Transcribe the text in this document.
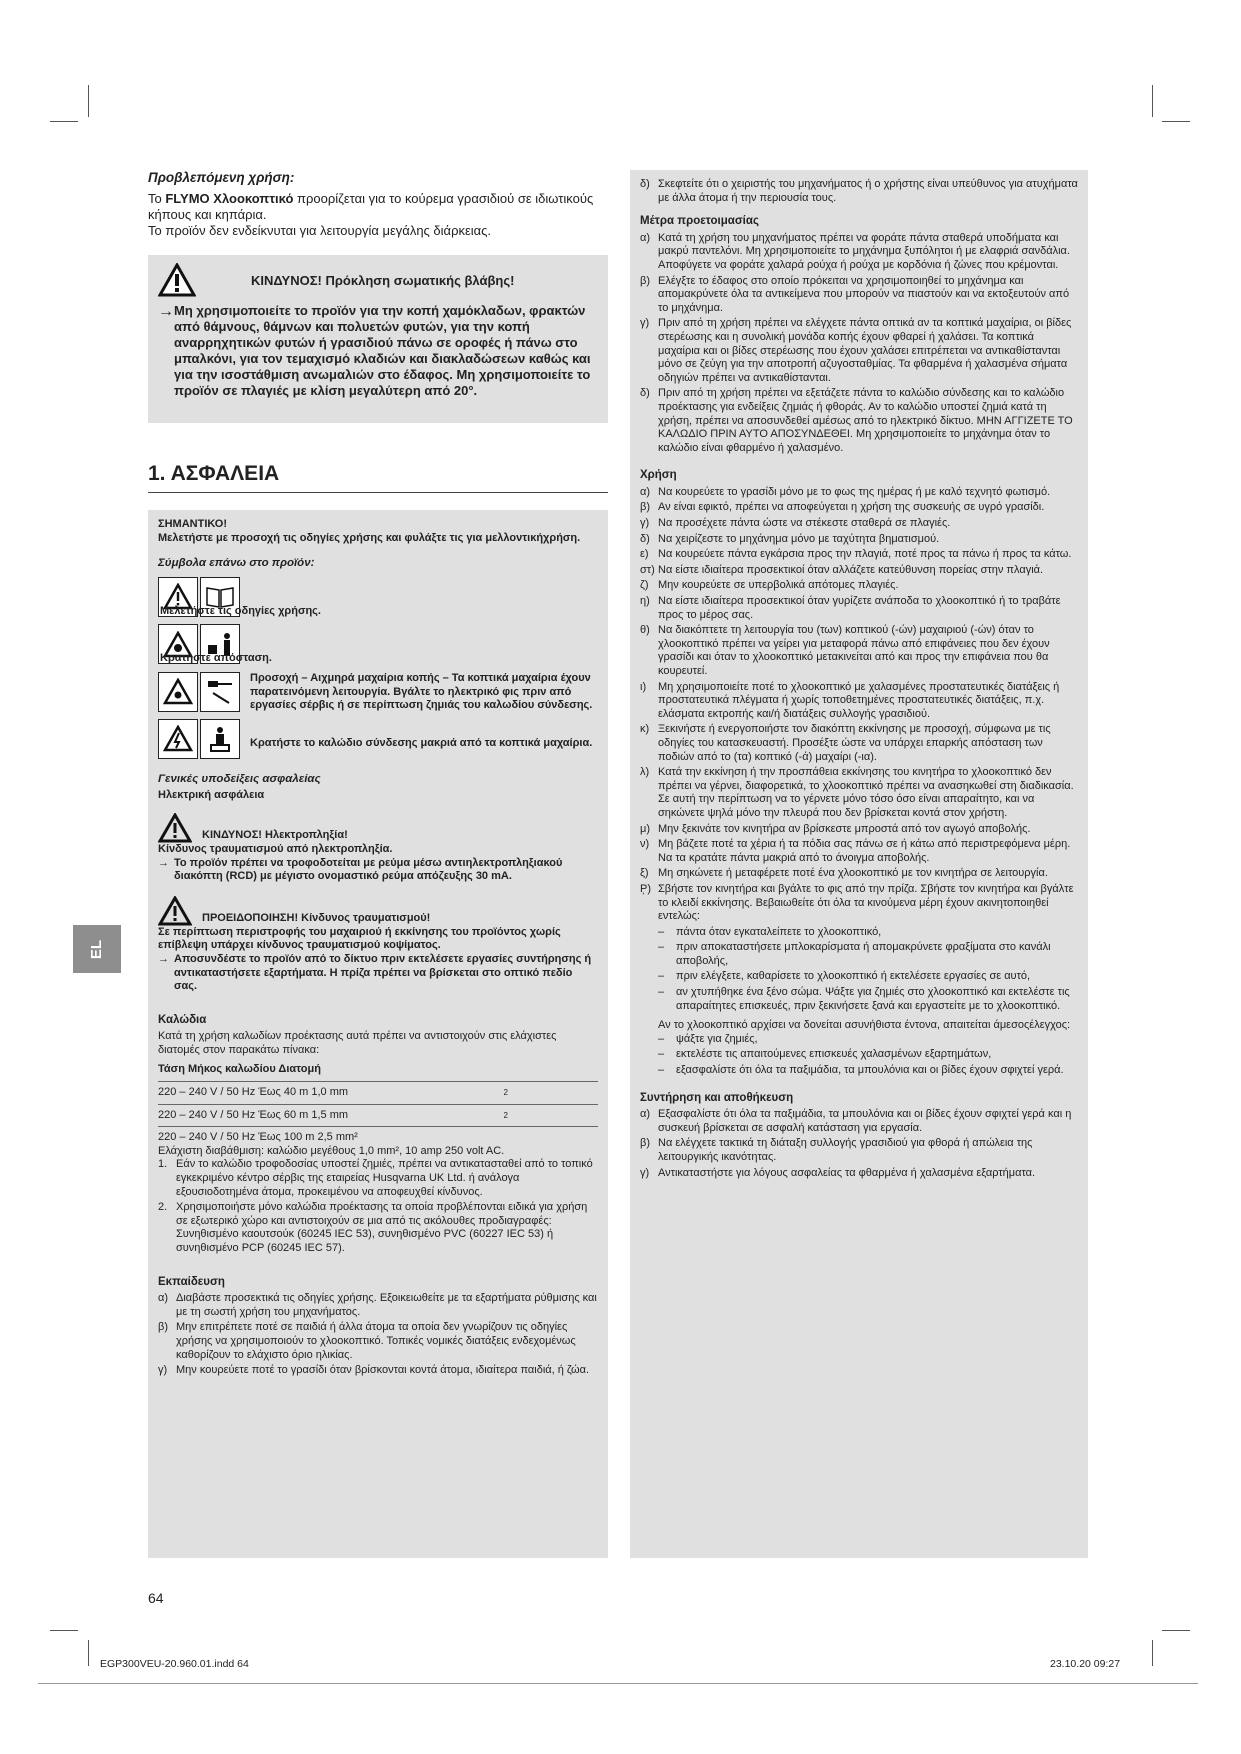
Προβλεπόμενη χρήση:

Το FLYMO Χλοοκοπτικό προορίζεται για το κούρεμα γρασιδιού σε ιδιωτικούς κήπους και κηπάρια.

Το προϊόν δεν ενδείκνυται για λειτουργία μεγάλης διάρκειας.

ΚΙΝΔΥΝΟΣ! Πρόκληση σωματικής βλάβης!
→ Μη χρησιμοποιείτε το προϊόν για την κοπή χαμόκλαδων, φρακτών από θάμνους, θάμνων και πολυετών φυτών, για την κοπή αναρρηχητικών φυτών ή γρασιδιού πάνω σε οροφές ή πάνω στο μπαλκόνι, για τον τεμαχισμό κλαδιών και διακλαδώσεων καθώς και για την ισοστάθμιση ανωμαλιών στο έδαφος. Μη χρησιμοποιείτε το προϊόν σε πλαγιές με κλίση μεγαλύτερη από 20°.
1. ΑΣΦΑΛΕΙΑ
ΣΗΜΑΝΤΙΚΟ!
Μελετήστε με προσοχή τις οδηγίες χρήσης και φυλάξτε τις για μελλοντικήχρήση.
Σύμβολα επάνω στο προϊόν:
Μελετήστε τις οδηγίες χρήσης.
Κρατήστε απόσταση.
Προσοχή – Αιχμηρά μαχαίρια κοπής – Τα κοπτικά μαχαίρια έχουν παρατεινόμενη λειτουργία. Βγάλτε το ηλεκτρικό φις πριν από εργασίες σέρβις ή σε περίπτωση ζημιάς του καλωδίου σύνδεσης.
Κρατήστε το καλώδιο σύνδεσης μακριά από τα κοπτικά μαχαίρια.
Γενικές υποδείξεις ασφαλείας
Ηλεκτρική ασφάλεια
ΚΙΝΔΥΝΟΣ! Ηλεκτροπληξία!
Κίνδυνος τραυματισμού από ηλεκτροπληξία.
→ Το προϊόν πρέπει να τροφοδοτείται με ρεύμα μέσω αντιηλεκτροπληξιακού διακόπτη (RCD) με μέγιστο ονομαστικό ρεύμα απόζευξης 30 mA.
ΠΡΟΕΙΔΟΠΟΙΗΣΗ! Κίνδυνος τραυματισμού!
Σε περίπτωση περιστροφής του μαχαιριού ή εκκίνησης του προϊόντος χωρίς επίβλεψη υπάρχει κίνδυνος τραυματισμού κοψίματος.
→ Αποσυνδέστε το προϊόν από το δίκτυο πριν εκτελέσετε εργασίες συντήρησης ή αντικαταστήσετε εξαρτήματα. Η πρίζα πρέπει να βρίσκεται στο οπτικό πεδίο σας.
Καλώδια
Κατά τη χρήση καλωδίων προέκτασης αυτά πρέπει να αντιστοιχούν στις ελάχιστες διατομές στον παρακάτω πίνακα:
Τάση Μήκος καλωδίου Διατομή
220 – 240 V / 50 Hz Έως 40 m 1,0 mm	2
220 – 240 V / 50 Hz Έως 60 m 1,5 mm	2
220 – 240 V / 50 Hz Έως 100 m 2,5 mm²
Ελάχιστη διαβάθμιση: καλώδιο μεγέθους 1,0 mm², 10 amp 250 volt AC.
1. Εάν το καλώδιο τροφοδοσίας υποστεί ζημιές, πρέπει να αντικατασταθεί από το τοπικό εγκεκριμένο κέντρο σέρβις της εταιρείας Husqvarna UK Ltd. ή ανάλογα εξουσιοδοτημένα άτομα, προκειμένου να αποφευχθεί κίνδυνος.
2. Χρησιμοποιήστε μόνο καλώδια προέκτασης τα οποία προβλέπονται ειδικά για χρήση σε εξωτερικό χώρο και αντιστοιχούν σε μια από τις ακόλουθες προδιαγραφές: Συνηθισμένο καουτσούκ (60245 IEC 53), συνηθισμένο PVC (60227 IEC 53) ή συνηθισμένο PCP (60245 IEC 57).
Εκπαίδευση
α) Διαβάστε προσεκτικά τις οδηγίες χρήσης. Εξοικειωθείτε με τα εξαρτήματα ρύθμισης και με τη σωστή χρήση του μηχανήματος.
β) Μην επιτρέπετε ποτέ σε παιδιά ή άλλα άτομα τα οποία δεν γνωρίζουν τις οδηγίες χρήσης να χρησιμοποιούν το χλοοκοπτικό. Τοπικές νομικές διατάξεις ενδεχομένως καθορίζουν το ελάχιστο όριο ηλικίας.
γ) Μην κουρεύετε ποτέ το γρασίδι όταν βρίσκονται κοντά άτομα, ιδιαίτερα παιδιά, ή ζώα.
δ) Σκεφτείτε ότι ο χειριστής του μηχανήματος ή ο χρήστης είναι υπεύθυνος για ατυχήματα με άλλα άτομα ή την περιουσία τους.
Μέτρα προετοιμασίας
α) Κατά τη χρήση του μηχανήματος πρέπει να φοράτε πάντα σταθερά υποδήματα και μακρύ παντελόνι. Μη χρησιμοποιείτε το μηχάνημα ξυπόλητοι ή με ελαφριά σανδάλια. Αποφύγετε να φοράτε χαλαρά ρούχα ή ρούχα με κορδόνια ή ζώνες που κρέμονται.
β) Ελέγξτε το έδαφος στο οποίο πρόκειται να χρησιμοποιηθεί το μηχάνημα και απομακρύνετε όλα τα αντικείμενα που μπορούν να πιαστούν και να εκτοξευτούν από το μηχάνημα.
γ) Πριν από τη χρήση πρέπει να ελέγχετε πάντα οπτικά αν τα κοπτικά μαχαίρια, οι βίδες στερέωσης και η συνολική μονάδα κοπής έχουν φθαρεί ή χαλάσει. Τα κοπτικά μαχαίρια και οι βίδες στερέωσης που έχουν χαλάσει επιτρέπεται να αντικαθίστανται μόνο σε ζεύγη για την αποτροπή αζυγοσταθμίας. Τα φθαρμένα ή χαλασμένα σήματα οδηγιών πρέπει να αντικαθίστανται.
δ) Πριν από τη χρήση πρέπει να εξετάζετε πάντα το καλώδιο σύνδεσης και το καλώδιο προέκτασης για ενδείξεις ζημιάς ή φθοράς. Αν το καλώδιο υποστεί ζημιά κατά τη χρήση, πρέπει να αποσυνδεθεί αμέσως από το ηλεκτρικό δίκτυο. ΜΗΝ ΑΓΓΙΖΕΤΕ ΤΟ ΚΑΛΩΔΙΟ ΠΡΙΝ ΑΥΤΟ ΑΠΟΣΥΝΔΕΘΕΙ. Μη χρησιμοποιείτε το μηχάνημα όταν το καλώδιο είναι φθαρμένο ή χαλασμένο.
Χρήση
α) Να κουρεύετε το γρασίδι μόνο με το φως της ημέρας ή με καλό τεχνητό φωτισμό.
β) Αν είναι εφικτό, πρέπει να αποφεύγεται η χρήση της συσκευής σε υγρό γρασίδι.
γ) Να προσέχετε πάντα ώστε να στέκεστε σταθερά σε πλαγιές.
δ) Να χειρίζεστε το μηχάνημα μόνο με ταχύτητα βηματισμού.
ε) Να κουρεύετε πάντα εγκάρσια προς την πλαγιά, ποτέ προς τα πάνω ή προς τα κάτω.
στ) Να είστε ιδιαίτερα προσεκτικοί όταν αλλάζετε κατεύθυνση πορείας στην πλαγιά.
ζ) Μην κουρεύετε σε υπερβολικά απότομες πλαγιές.
η) Να είστε ιδιαίτερα προσεκτικοί όταν γυρίζετε ανάποδα το χλοοκοπτικό ή το τραβάτε προς το μέρος σας.
θ) Να διακόπτετε τη λειτουργία του (των) κοπτικού (-ών) μαχαιριού (-ών) όταν το χλοοκοπτικό πρέπει να γείρει για μεταφορά πάνω από επιφάνειες που δεν έχουν γρασίδι και όταν το χλοοκοπτικό μετακινείται από και προς την επιφάνεια που θα κουρευτεί.
ι)	Μη χρησιμοποιείτε ποτέ το χλοοκοπτικό με χαλασμένες προστατευτικές διατάξεις ή προστατευτικά πλέγματα ή χωρίς τοποθετημένες προστατευτικές διατάξεις, π.χ. ελάσματα εκτροπής και/ή διατάξεις συλλογής γρασιδιού.
κ) Ξεκινήστε ή ενεργοποιήστε τον διακόπτη εκκίνησης με προσοχή, σύμφωνα με τις οδηγίες του κατασκευαστή. Προσέξτε ώστε να υπάρχει επαρκής απόσταση των ποδιών από το (τα) κοπτικό (-ά) μαχαίρι (-ια).
λ) Κατά την εκκίνηση ή την προσπάθεια εκκίνησης του κινητήρα το χλοοκοπτικό δεν πρέπει να γέρνει, διαφορετικά, το χλοοκοπτικό πρέπει να ανασηκωθεί στη διαδικασία. Σε αυτή την περίπτωση να το γέρνετε μόνο τόσο όσο είναι απαραίτητο, και να σηκώνετε ψηλά μόνο την πλευρά που δεν βρίσκεται κοντά στον χρήστη.
μ) Μην ξεκινάτε τον κινητήρα αν βρίσκεστε μπροστά από τον αγωγό αποβολής.
ν) Μη βάζετε ποτέ τα χέρια ή τα πόδια σας πάνω σε ή κάτω από περιστρεφόμενα μέρη. Να τα κρατάτε πάντα μακριά από το άνοιγμα αποβολής.
ξ) Μη σηκώνετε ή μεταφέρετε ποτέ ένα χλοοκοπτικό με τον κινητήρα σε λειτουργία.
P̦) Σβήστε τον κινητήρα και βγάλτε το φις από την πρίζα. Σβήστε τον κινητήρα και βγάλτε το κλειδί εκκίνησης. Βεβαιωθείτε ότι όλα τα κινούμενα μέρη έχουν ακινητοποιηθεί εντελώς:
–	πάντα όταν εγκαταλείπετε το χλοοκοπτικό,
–	πριν αποκαταστήσετε μπλοκαρίσματα ή απομακρύνετε φραξίματα στο κανάλι αποβολής,
–	πριν ελέγξετε, καθαρίσετε το χλοοκοπτικό ή εκτελέσετε εργασίες σε αυτό,
–	αν χτυπήθηκε ένα ξένο σώμα. Ψάξτε για ζημιές στο χλοοκοπτικό και εκτελέστε τις απαραίτητες επισκευές, πριν ξεκινήσετε ξανά και εργαστείτε με το χλοοκοπτικό.
Αν το χλοοκοπτικό αρχίσει να δονείται ασυνήθιστα έντονα, απαιτείται άμεσοςέλεγχος:
–	ψάξτε για ζημιές,
–	εκτελέστε τις απαιτούμενες επισκευές χαλασμένων εξαρτημάτων,
–	εξασφαλίστε ότι όλα τα παξιμάδια, τα μπουλόνια και οι βίδες έχουν σφιχτεί γερά.
Συντήρηση και αποθήκευση
α) Εξασφαλίστε ότι όλα τα παξιμάδια, τα μπουλόνια και οι βίδες έχουν σφιχτεί γερά και η συσκευή βρίσκεται σε ασφαλή κατάσταση για εργασία.
β) Να ελέγχετε τακτικά τη διάταξη συλλογής γρασιδιού για φθορά ή απώλεια της λειτουργικής ικανότητας.
γ) Αντικαταστήστε για λόγους ασφαλείας τα φθαρμένα ή χαλασμένα εξαρτήματα.
EL
64
EGP300VEU-20.960.01.indd 64	23.10.20 09:27
